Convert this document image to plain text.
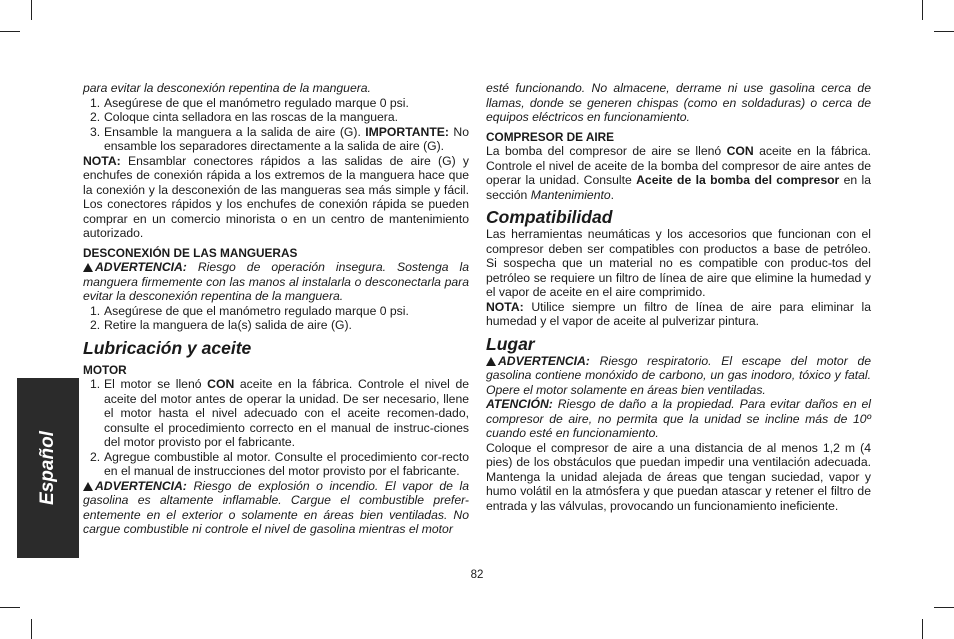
Español

para evitar la desconexión repentina de la manguera.

1. Asegúrese de que el manómetro regulado marque 0 psi.
2. Coloque cinta selladora en las roscas de la manguera.
3. Ensamble la manguera a la salida de aire (G). IMPORTANTE: No ensamble los separadores directamente a la salida de aire (G).

NOTA: Ensamblar conectores rápidos a las salidas de aire (G) y enchufes de conexión rápida a los extremos de la manguera hace que la conexión y la desconexión de las mangueras sea más simple y fácil. Los conectores rápidos y los enchufes de conexión rápida se pueden comprar en un comercio minorista o en un centro de mantenimiento autorizado.

DESCONEXIÓN DE LAS MANGUERAS

ADVERTENCIA: Riesgo de operación insegura. Sostenga la manguera firmemente con las manos al instalarla o desconectarla para evitar la desconexión repentina de la manguera.

1. Asegúrese de que el manómetro regulado marque 0 psi.
2. Retire la manguera de la(s) salida de aire (G).

Lubricación y aceite

MOTOR

1. El motor se llenó CON aceite en la fábrica. Controle el nivel de aceite del motor antes de operar la unidad. De ser necesario, llene el motor hasta el nivel adecuado con el aceite recomen-dado, consulte el procedimiento correcto en el manual de instruc-ciones del motor provisto por el fabricante.
2. Agregue combustible al motor. Consulte el procedimiento cor-recto en el manual de instrucciones del motor provisto por el fabricante.

ADVERTENCIA: Riesgo de explosión o incendio. El vapor de la gasolina es altamente inflamable. Cargue el combustible prefer-entemente en el exterior o solamente en áreas bien ventiladas. No cargue combustible ni controle el nivel de gasolina mientras el motor

esté funcionando. No almacene, derrame ni use gasolina cerca de llamas, donde se generen chispas (como en soldaduras) o cerca de equipos eléctricos en funcionamiento.

COMPRESOR DE AIRE

La bomba del compresor de aire se llenó CON aceite en la fábrica. Controle el nivel de aceite de la bomba del compresor de aire antes de operar la unidad. Consulte Aceite de la bomba del compresor en la sección Mantenimiento.

Compatibilidad

Las herramientas neumáticas y los accesorios que funcionan con el compresor deben ser compatibles con productos a base de petróleo. Si sospecha que un material no es compatible con produc-tos del petróleo se requiere un filtro de línea de aire que elimine la humedad y el vapor de aceite en el aire comprimido.

NOTA: Utilice siempre un filtro de línea de aire para eliminar la humedad y el vapor de aceite al pulverizar pintura.

Lugar

ADVERTENCIA: Riesgo respiratorio. El escape del motor de gasolina contiene monóxido de carbono, un gas inodoro, tóxico y fatal. Opere el motor solamente en áreas bien ventiladas.

ATENCIÓN: Riesgo de daño a la propiedad. Para evitar daños en el compresor de aire, no permita que la unidad se incline más de 10º cuando esté en funcionamiento.

Coloque el compresor de aire a una distancia de al menos 1,2 m (4 pies) de los obstáculos que puedan impedir una ventilación adecuada. Mantenga la unidad alejada de áreas que tengan suciedad, vapor y humo volátil en la atmósfera y que puedan atascar y retener el filtro de entrada y las válvulas, provocando un funcionamiento ineficiente.

82
